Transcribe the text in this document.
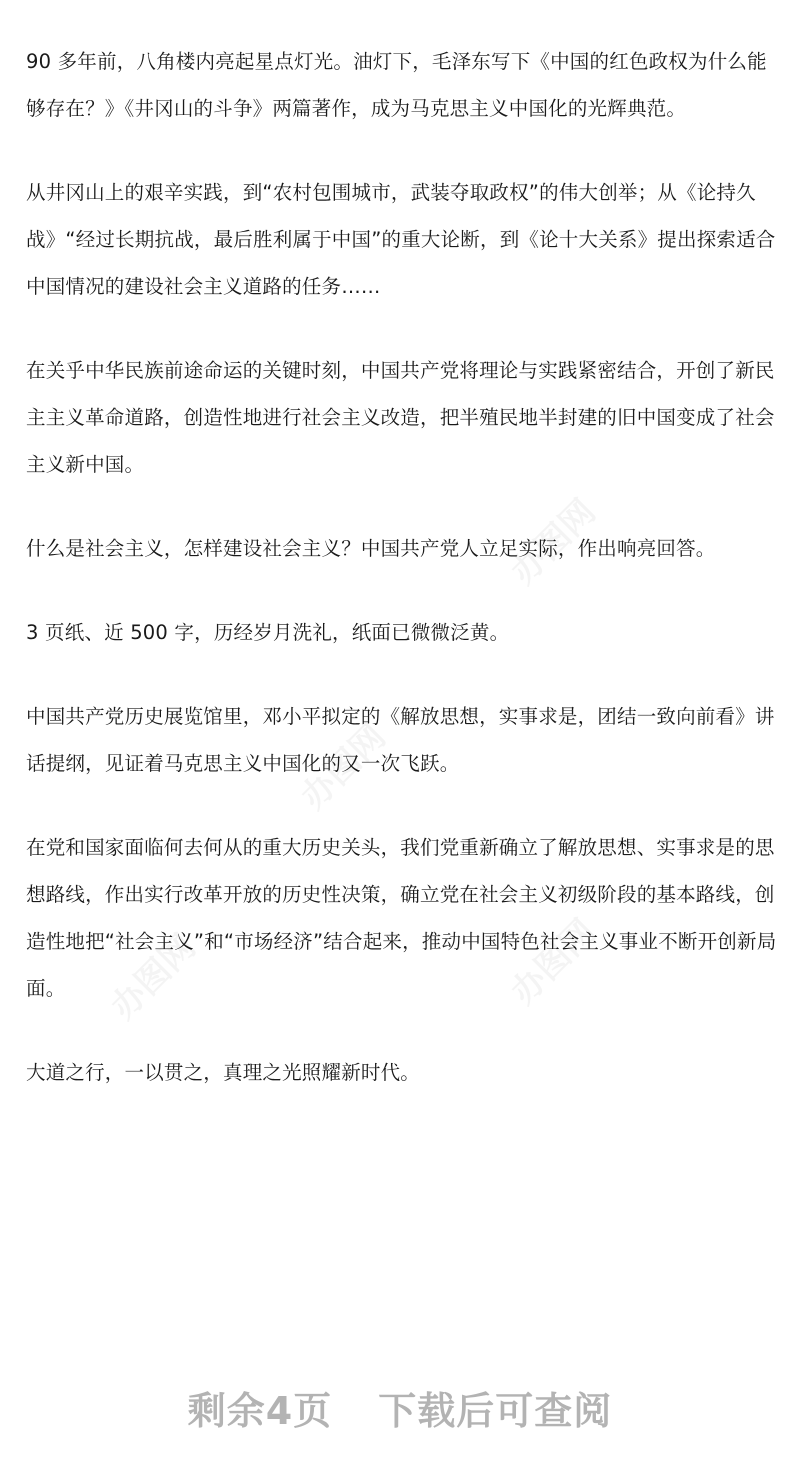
90 多年前，八角楼内亮起星点灯光。油灯下，毛泽东写下《中国的红色政权为什么能够存在？》《井冈山的斗争》两篇著作，成为马克思主义中国化的光辉典范。

从井冈山上的艰辛实践，到“农村包围城市，武装夺取政权”的伟大创举；从《论持久战》“经过长期抗战，最后胜利属于中国”的重大论断，到《论十大关系》提出探索适合中国情况的建设社会主义道路的任务……

在关乎中华民族前途命运的关键时刻，中国共产党将理论与实践紧密结合，开创了新民主主义革命道路，创造性地进行社会主义改造，把半殖民地半封建的旧中国变成了社会主义新中国。

什么是社会主义，怎样建设社会主义？中国共产党人立足实际，作出响亮回答。

3 页纸、近 500 字，历经岁月洗礼，纸面已微微泛黄。

中国共产党历史展览馆里，邓小平拟定的《解放思想，实事求是，团结一致向前看》讲话提纲，见证着马克思主义中国化的又一次飞跃。

在党和国家面临何去何从的重大历史关头，我们党重新确立了解放思想、实事求是的思想路线，作出实行改革开放的历史性决策，确立党在社会主义初级阶段的基本路线，创造性地把“社会主义”和“市场经济”结合起来，推动中国特色社会主义事业不断开创新局面。

大道之行，一以贯之，真理之光照耀新时代。

剩余4页 下载后可查阅
